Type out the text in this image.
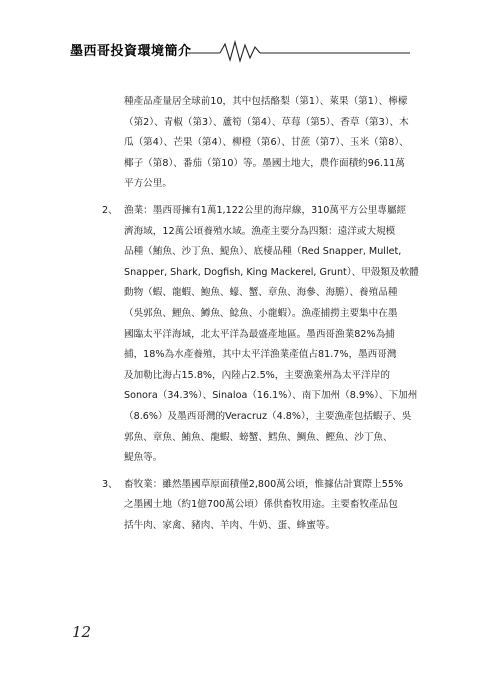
墨西哥投資環境簡介
種產品產量居全球前10，其中包括酪梨（第1）、萊果（第1）、檸檬
（第2）、青椒（第3）、蘆筍（第4）、草莓（第5）、香草（第3）、木
瓜（第4）、芒果（第4）、柳橙（第6）、甘蔗（第7）、玉米（第8）、
椰子（第8）、番茄（第10）等。墨國土地大，農作面積約96.11萬
平方公里。
2、 漁業：墨西哥擁有1萬1,122公里的海岸線，310萬平方公里專屬經
濟海域，12萬公頃養殖水域。漁產主要分為四類：遠洋或大規模
品種（鮪魚、沙丁魚、鯷魚）、底棲品種（Red Snapper, Mullet,
Snapper, Shark, Dogfish, King Mackerel, Grunt）、甲殼類及軟體
動物（蝦、龍蝦、鮑魚、蠔、蟹、章魚、海參、海膽）、養殖品種
（吳郭魚、鯉魚、鱒魚、鯰魚、小龍蝦）。漁產捕撈主要集中在墨
國臨太平洋海域，北太平洋為最盛產地區。墨西哥漁業82%為捕
捕，18%為水產養殖，其中太平洋漁業產值占81.7%，墨西哥灣
及加勒比海占15.8%，內陸占2.5%，主要漁業州為太平洋岸的
Sonora（34.3%）、Sinaloa（16.1%）、南下加州（8.9%）、下加州
（8.6%）及墨西哥灣的Veracruz（4.8%），主要漁產包括蝦子、吳
郭魚、章魚、鮪魚、龍蝦、螃蟹、鱈魚、鯛魚、鰹魚、沙丁魚、
鯷魚等。
3、 畜牧業：雖然墨國草原面積僅2,800萬公頃，惟據估計實際上55%
之墨國土地（約1億700萬公頃）係供畜牧用途。主要畜牧產品包
括牛肉、家禽、豬肉、羊肉、牛奶、蛋、蜂蜜等。
12
